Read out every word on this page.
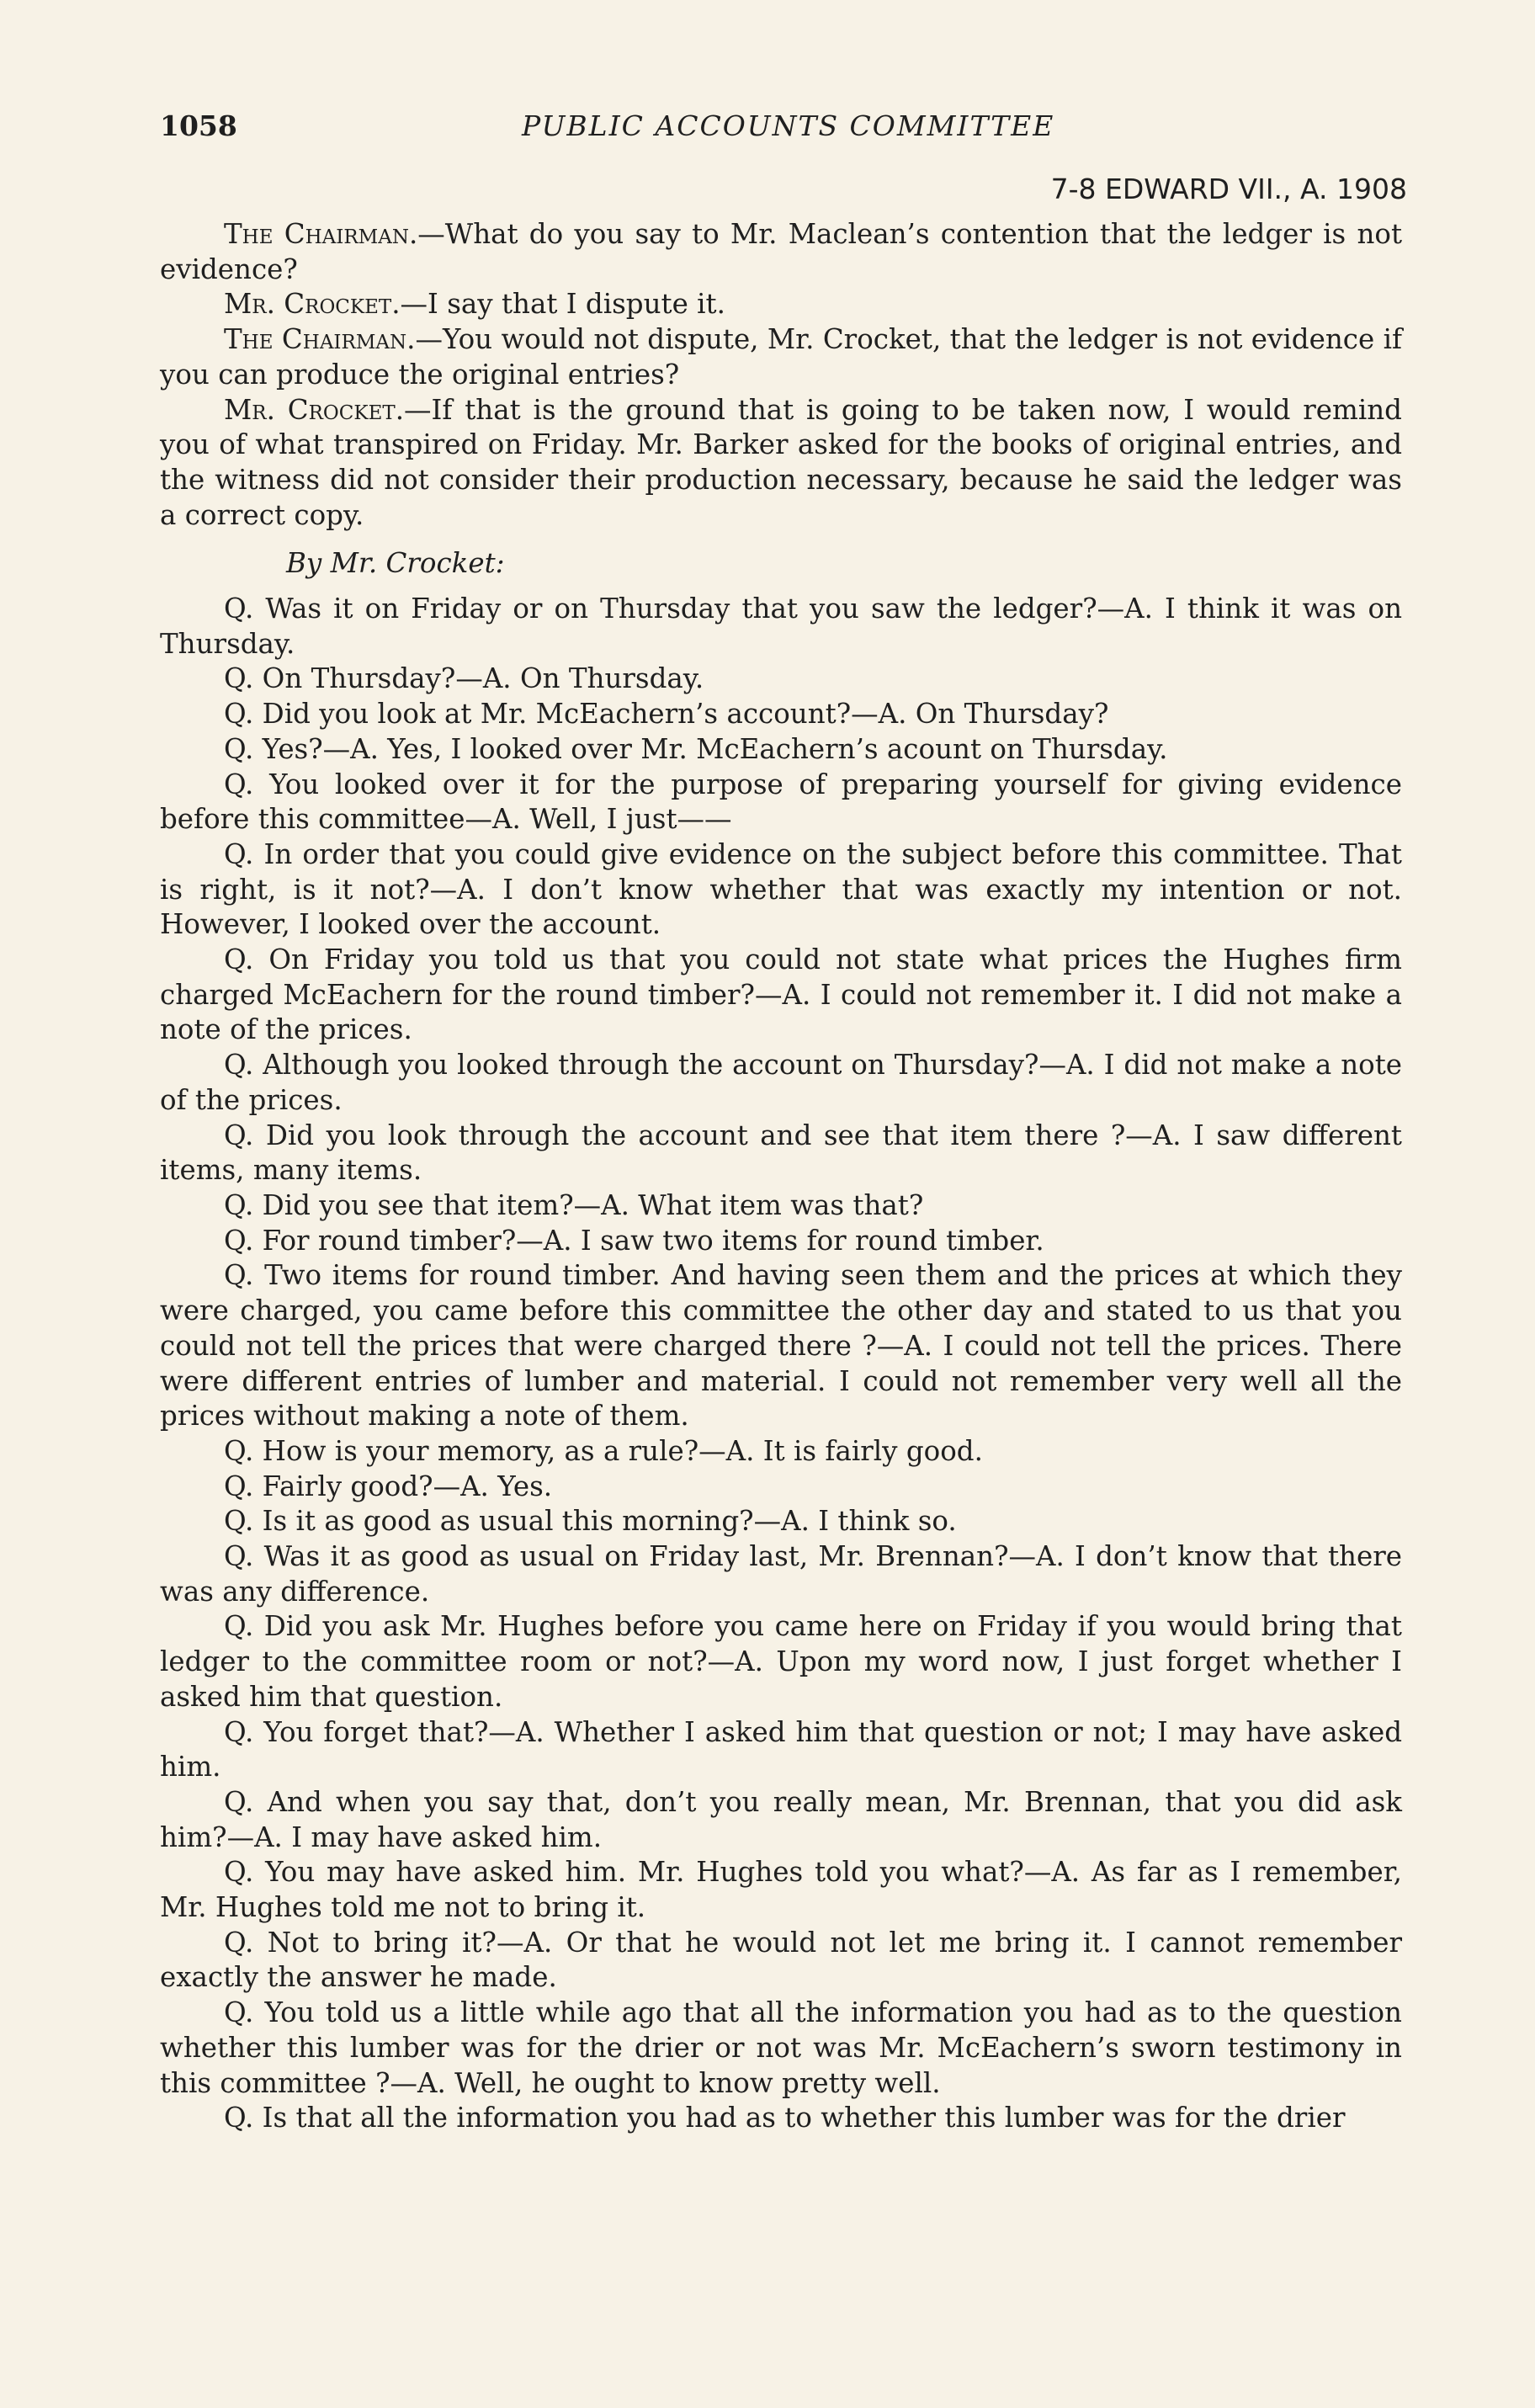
1058	PUBLIC ACCOUNTS COMMITTEE
7-8 EDWARD VII., A. 1908

The Chairman.—What do you say to Mr. Maclean’s contention that the ledger is not evidence?

Mr. Crocket.—I say that I dispute it.

The Chairman.—You would not dispute, Mr. Crocket, that the ledger is not evidence if you can produce the original entries?

Mr. Crocket.—If that is the ground that is going to be taken now, I would remind you of what transpired on Friday. Mr. Barker asked for the books of original entries, and the witness did not consider their production necessary, because he said the ledger was a correct copy.

By Mr. Crocket:

Q. Was it on Friday or on Thursday that you saw the ledger?—A. I think it was on Thursday.

Q. On Thursday?—A. On Thursday.

Q. Did you look at Mr. McEachern’s account?—A. On Thursday?

Q. Yes?—A. Yes, I looked over Mr. McEachern’s acount on Thursday.

Q. You looked over it for the purpose of preparing yourself for giving evidence before this committee—A. Well, I just——

Q. In order that you could give evidence on the subject before this committee. That is right, is it not?—A. I don’t know whether that was exactly my intention or not. However, I looked over the account.

Q. On Friday you told us that you could not state what prices the Hughes firm charged McEachern for the round timber?—A. I could not remember it. I did not make a note of the prices.

Q. Although you looked through the account on Thursday?—A. I did not make a note of the prices.

Q. Did you look through the account and see that item there ?—A. I saw different items, many items.

Q. Did you see that item?—A. What item was that?

Q. For round timber?—A. I saw two items for round timber.

Q. Two items for round timber. And having seen them and the prices at which they were charged, you came before this committee the other day and stated to us that you could not tell the prices that were charged there ?—A. I could not tell the prices. There were different entries of lumber and material. I could not remember very well all the prices without making a note of them.

Q. How is your memory, as a rule?—A. It is fairly good.

Q. Fairly good?—A. Yes.

Q. Is it as good as usual this morning?—A. I think so.

Q. Was it as good as usual on Friday last, Mr. Brennan?—A. I don’t know that there was any difference.

Q. Did you ask Mr. Hughes before you came here on Friday if you would bring that ledger to the committee room or not?—A. Upon my word now, I just forget whether I asked him that question.

Q. You forget that?—A. Whether I asked him that question or not; I may have asked him.

Q. And when you say that, don’t you really mean, Mr. Brennan, that you did ask him?—A. I may have asked him.

Q. You may have asked him. Mr. Hughes told you what?—A. As far as I remember, Mr. Hughes told me not to bring it.

Q. Not to bring it?—A. Or that he would not let me bring it. I cannot remember exactly the answer he made.

Q. You told us a little while ago that all the information you had as to the question whether this lumber was for the drier or not was Mr. McEachern’s sworn testimony in this committee ?—A. Well, he ought to know pretty well.

Q. Is that all the information you had as to whether this lumber was for the drier
